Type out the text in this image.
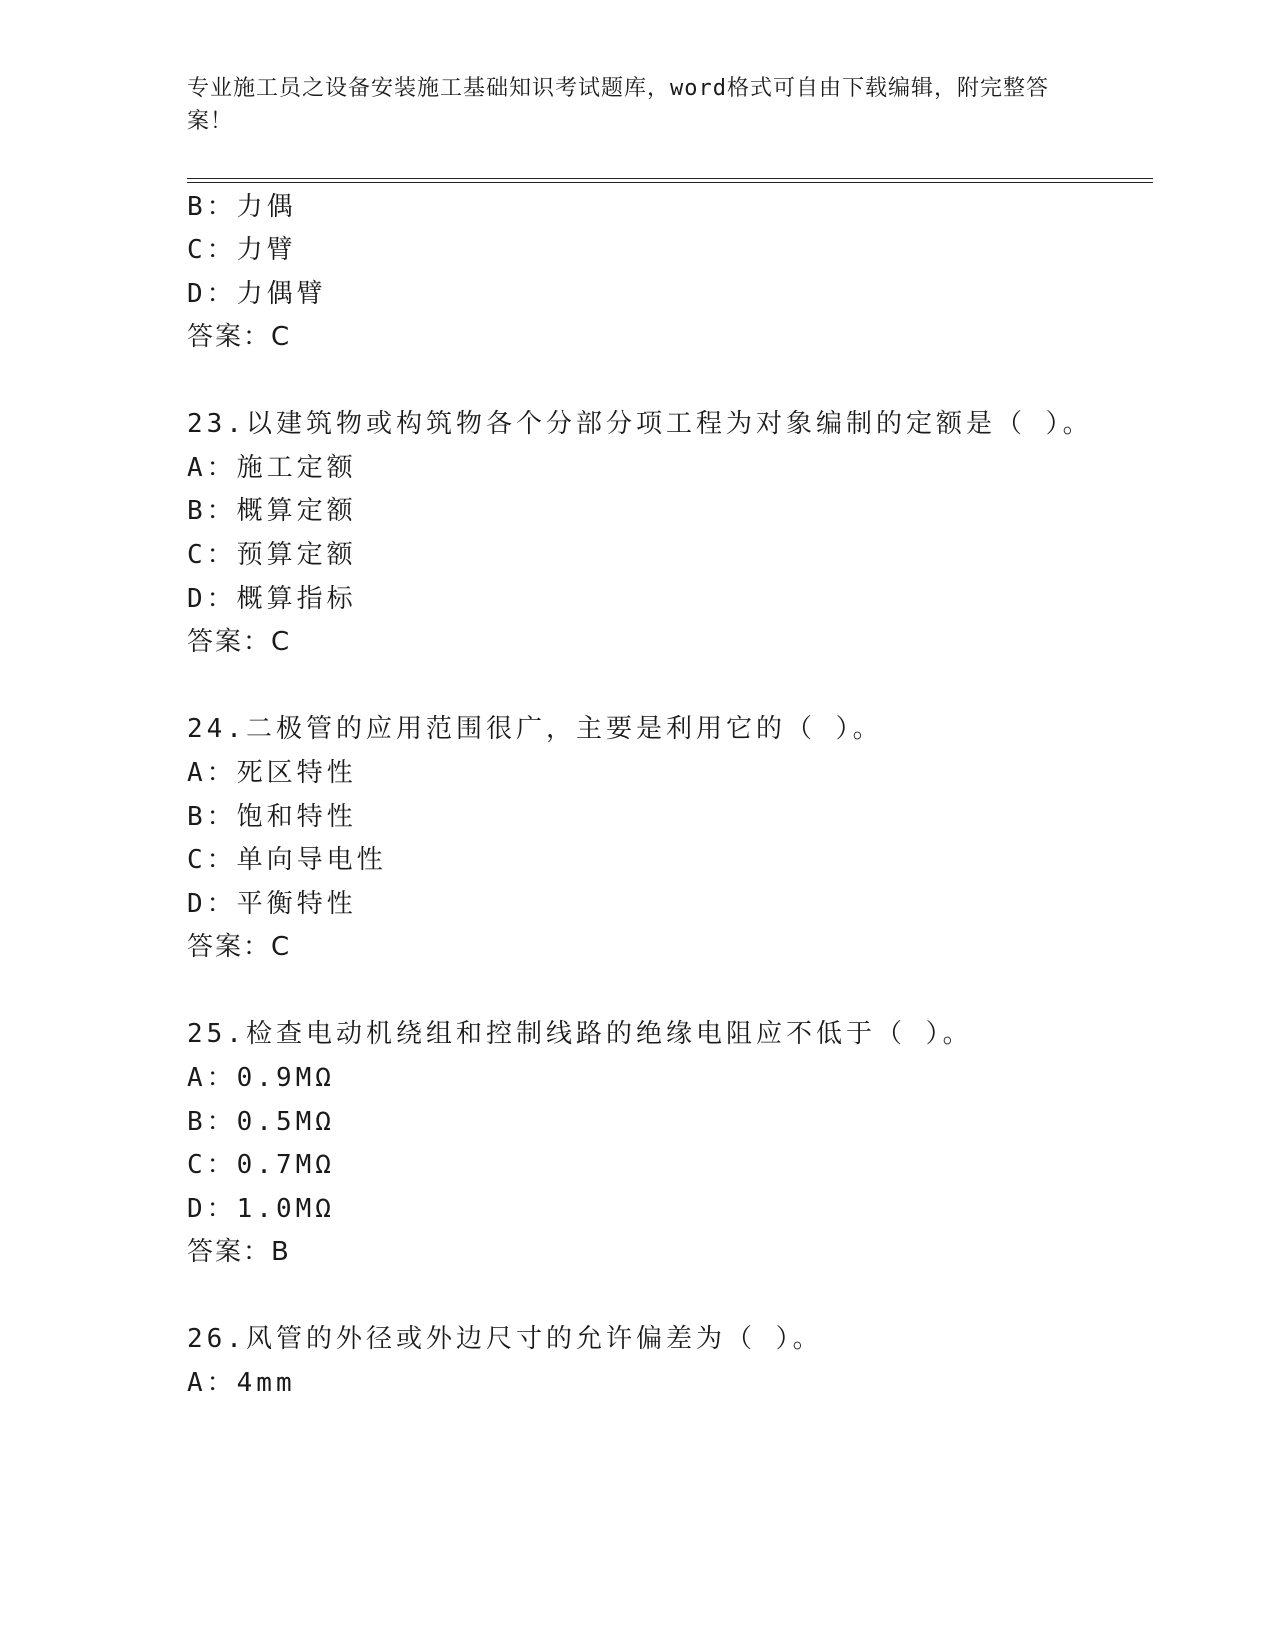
专业施工员之设备安装施工基础知识考试题库，word格式可自由下载编辑，附完整答案！
B：力偶
C：力臂
D：力偶臂
答案：C
23.以建筑物或构筑物各个分部分项工程为对象编制的定额是（ ）。
A：施工定额
B：概算定额
C：预算定额
D：概算指标
答案：C
24.二极管的应用范围很广，主要是利用它的（ ）。
A：死区特性
B：饱和特性
C：单向导电性
D：平衡特性
答案：C
25.检查电动机绕组和控制线路的绝缘电阻应不低于（ ）。
A：0.9MΩ
B：0.5MΩ
C：0.7MΩ
D：1.0MΩ
答案：B
26.风管的外径或外边尺寸的允许偏差为（ ）。
A：4mm
